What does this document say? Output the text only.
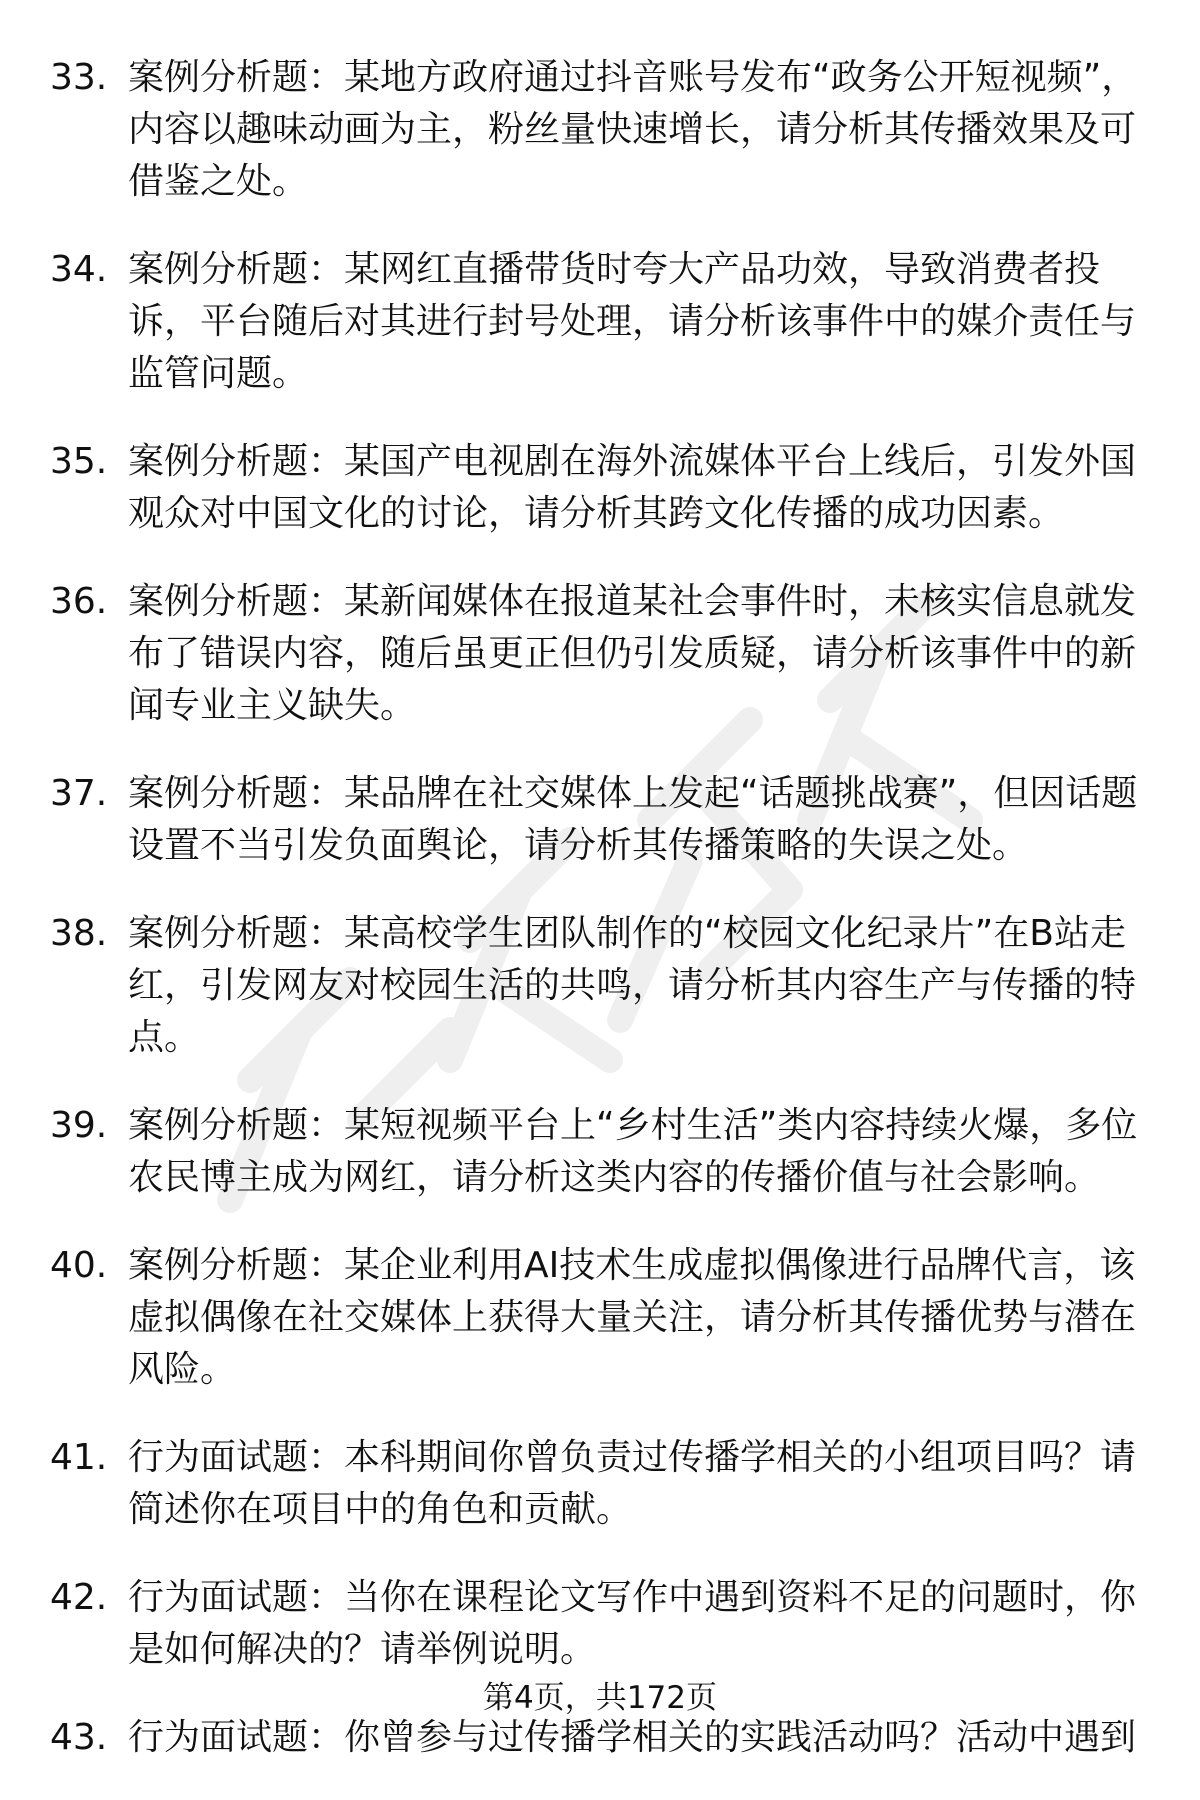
33. 案例分析题：某地方政府通过抖音账号发布“政务公开短视频”，内容以趣味动画为主，粉丝量快速增长，请分析其传播效果及可借鉴之处。
34. 案例分析题：某网红直播带货时夸大产品功效，导致消费者投诉，平台随后对其进行封号处理，请分析该事件中的媒介责任与监管问题。
35. 案例分析题：某国产电视剧在海外流媒体平台上线后，引发外国观众对中国文化的讨论，请分析其跨文化传播的成功因素。
36. 案例分析题：某新闻媒体在报道某社会事件时，未核实信息就发布了错误内容，随后虽更正但仍引发质疑，请分析该事件中的新闻专业主义缺失。
37. 案例分析题：某品牌在社交媒体上发起“话题挑战赛”，但因话题设置不当引发负面舆论，请分析其传播策略的失误之处。
38. 案例分析题：某高校学生团队制作的“校园文化纪录片”在B站走红，引发网友对校园生活的共鸣，请分析其内容生产与传播的特点。
39. 案例分析题：某短视频平台上“乡村生活”类内容持续火爆，多位农民博主成为网红，请分析这类内容的传播价值与社会影响。
40. 案例分析题：某企业利用AI技术生成虚拟偶像进行品牌代言，该虚拟偶像在社交媒体上获得大量关注，请分析其传播优势与潜在风险。
41. 行为面试题：本科期间你曾负责过传播学相关的小组项目吗？请简述你在项目中的角色和贡献。
42. 行为面试题：当你在课程论文写作中遇到资料不足的问题时，你是如何解决的？请举例说明。
43. 行为面试题：你曾参与过传播学相关的实践活动吗？活动中遇到
第4页，共172页
